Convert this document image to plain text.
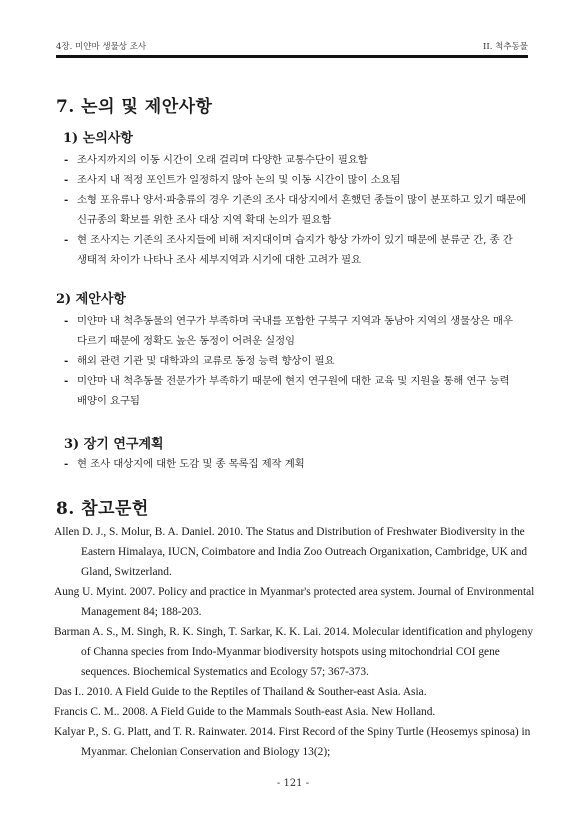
4장. 미얀마 생물상 조사	II. 척추동물
7. 논의 및 제안사항
1) 논의사항
- 조사지까지의 이동 시간이 오래 걸리며 다양한 교통수단이 필요함
- 조사지 내 적정 포인트가 일정하지 않아 논의 및 이동 시간이 많이 소요됨
- 소형 포유류나 양서·파충류의 경우 기존의 조사 대상지에서 흔했던 종들이 많이 분포하고 있기 때문에 신규종의 확보를 위한 조사 대상 지역 확대 논의가 필요함
- 현 조사지는 기존의 조사지들에 비해 저지대이며 습지가 항상 가까이 있기 때문에 분류군 간, 종 간 생태적 차이가 나타나 조사 세부지역과 시기에 대한 고려가 필요
2) 제안사항
- 미얀마 내 척추동물의 연구가 부족하며 국내를 포함한 구북구 지역과 동남아 지역의 생물상은 매우 다르기 때문에 정확도 높은 동정이 어려운 실정임
- 해외 관련 기관 및 대학과의 교류로 동정 능력 향상이 필요
- 미얀마 내 척추동물 전문가가 부족하기 때문에 현지 연구원에 대한 교육 및 지원을 통해 연구 능력 배양이 요구됨
3) 장기 연구계획
- 현 조사 대상지에 대한 도감 및 종 목록집 제작 계획
8. 참고문헌
Allen D. J., S. Molur, B. A. Daniel. 2010. The Status and Distribution of Freshwater Biodiversity in the Eastern Himalaya, IUCN, Coimbatore and India Zoo Outreach Organixation, Cambridge, UK and Gland, Switzerland.
Aung U. Myint. 2007. Policy and practice in Myanmar's protected area system. Journal of Environmental Management 84; 188-203.
Barman A. S., M. Singh, R. K. Singh, T. Sarkar, K. K. Lai. 2014. Molecular identification and phylogeny of Channa species from Indo-Myanmar biodiversity hotspots using mitochondrial COI gene sequences. Biochemical Systematics and Ecology 57; 367-373.
Das I.. 2010. A Field Guide to the Reptiles of Thailand & Souther-east Asia. Asia.
Francis C. M.. 2008. A Field Guide to the Mammals South-east Asia. New Holland.
Kalyar P., S. G. Platt, and T. R. Rainwater. 2014. First Record of the Spiny Turtle (Heosemys spinosa) in Myanmar. Chelonian Conservation and Biology 13(2);
- 121 -
